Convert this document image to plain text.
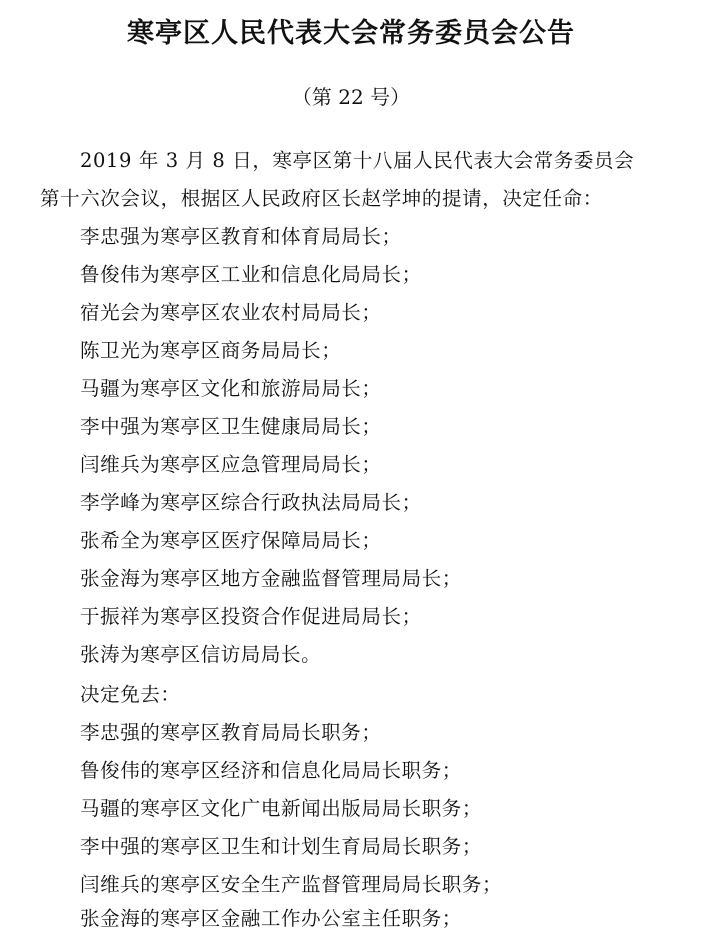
寒亭区人民代表大会常务委员会公告
（第 22 号）
2019 年 3 月 8 日，寒亭区第十八届人民代表大会常务委员会
第十六次会议，根据区人民政府区长赵学坤的提请，决定任命：
李忠强为寒亭区教育和体育局局长；
鲁俊伟为寒亭区工业和信息化局局长；
宿光会为寒亭区农业农村局局长；
陈卫光为寒亭区商务局局长；
马疆为寒亭区文化和旅游局局长；
李中强为寒亭区卫生健康局局长；
闫维兵为寒亭区应急管理局局长；
李学峰为寒亭区综合行政执法局局长；
张希全为寒亭区医疗保障局局长；
张金海为寒亭区地方金融监督管理局局长；
于振祥为寒亭区投资合作促进局局长；
张涛为寒亭区信访局局长。
决定免去：
李忠强的寒亭区教育局局长职务；
鲁俊伟的寒亭区经济和信息化局局长职务；
马疆的寒亭区文化广电新闻出版局局长职务；
李中强的寒亭区卫生和计划生育局局长职务；
闫维兵的寒亭区安全生产监督管理局局长职务；
张金海的寒亭区金融工作办公室主任职务；
